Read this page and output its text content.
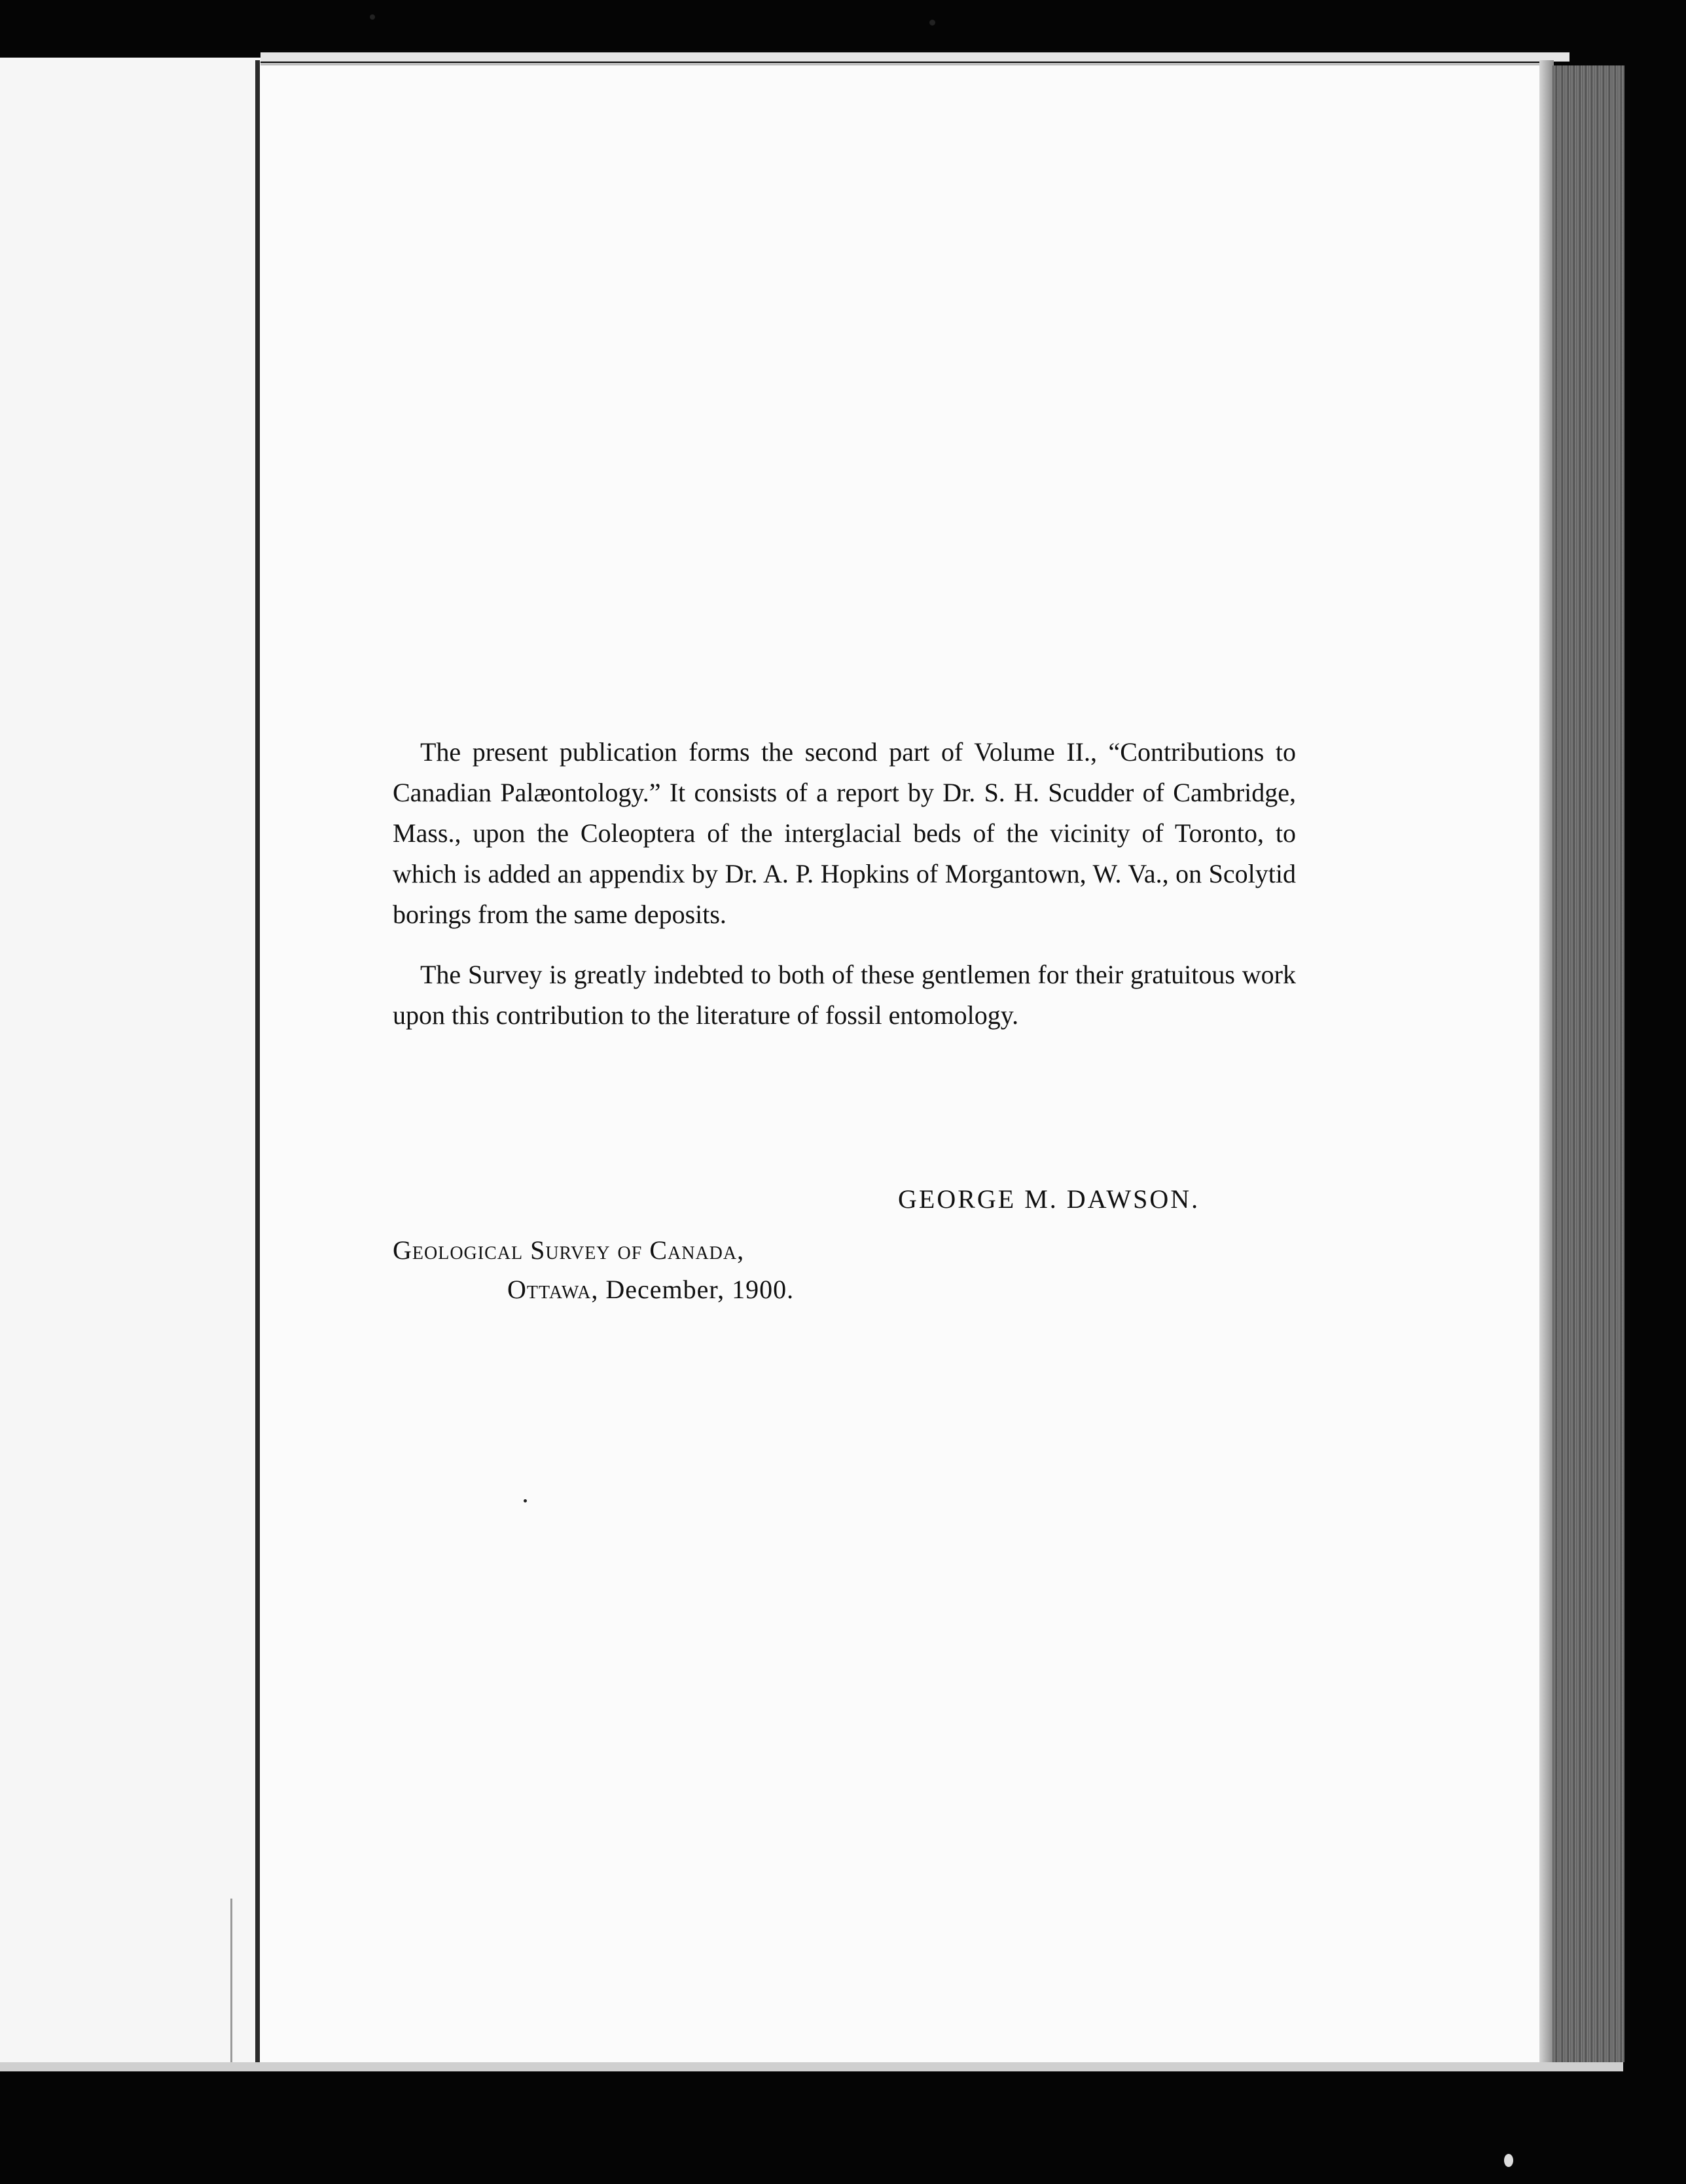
The present publication forms the second part of Volume II., “Contributions to Canadian Palæontology.” It consists of a report by Dr. S. H. Scudder of Cambridge, Mass., upon the Coleoptera of the interglacial beds of the vicinity of Toronto, to which is added an appendix by Dr. A. P. Hopkins of Morgantown, W. Va., on Scolytid borings from the same deposits.

The Survey is greatly indebted to both of these gentlemen for their gratuitous work upon this contribution to the literature of fossil entomology.

GEORGE M. DAWSON.
Geological Survey of Canada,
Ottawa, December, 1900.
